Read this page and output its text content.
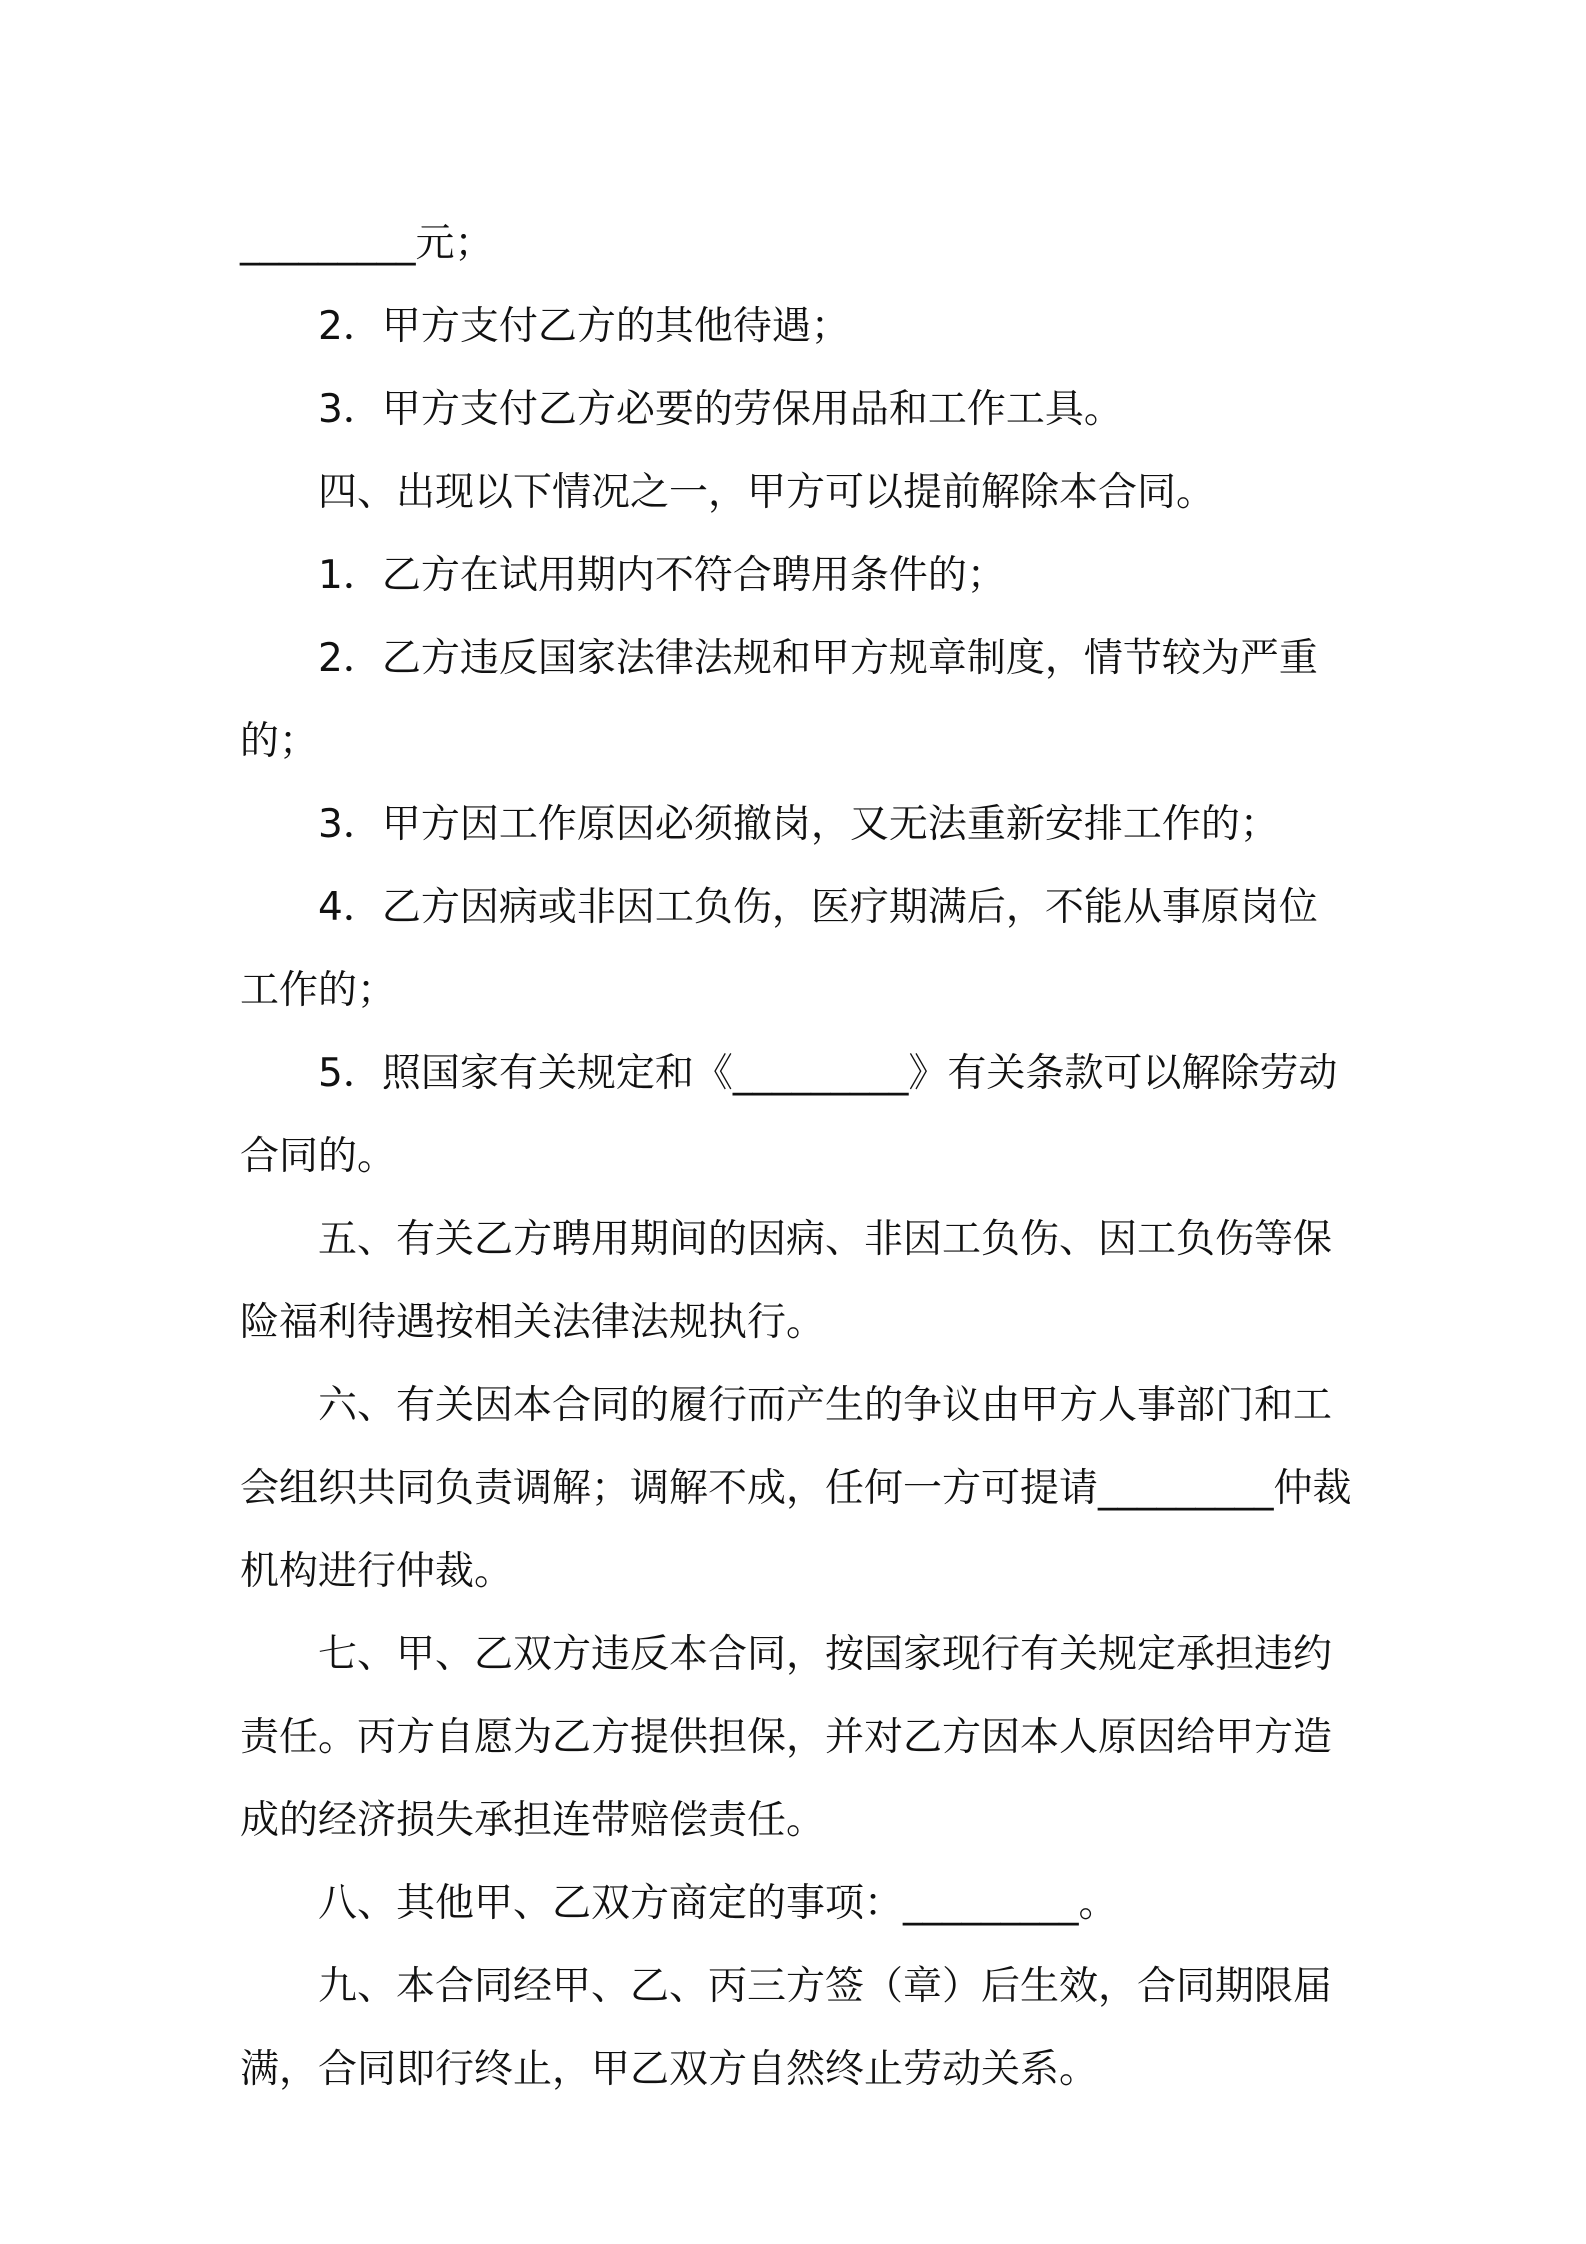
_________元；

2．甲方支付乙方的其他待遇；

3．甲方支付乙方必要的劳保用品和工作工具。

四、出现以下情况之一，甲方可以提前解除本合同。

1．乙方在试用期内不符合聘用条件的；

2．乙方违反国家法律法规和甲方规章制度，情节较为严重的；

3．甲方因工作原因必须撤岗，又无法重新安排工作的；

4．乙方因病或非因工负伤，医疗期满后，不能从事原岗位工作的；

5．照国家有关规定和《_________》有关条款可以解除劳动合同的。

五、有关乙方聘用期间的因病、非因工负伤、因工负伤等保险福利待遇按相关法律法规执行。

六、有关因本合同的履行而产生的争议由甲方人事部门和工会组织共同负责调解；调解不成，任何一方可提请_________仲裁机构进行仲裁。

七、甲、乙双方违反本合同，按国家现行有关规定承担违约责任。丙方自愿为乙方提供担保，并对乙方因本人原因给甲方造成的经济损失承担连带赔偿责任。

八、其他甲、乙双方商定的事项：_________。

九、本合同经甲、乙、丙三方签（章）后生效，合同期限届满，合同即行终止，甲乙双方自然终止劳动关系。
